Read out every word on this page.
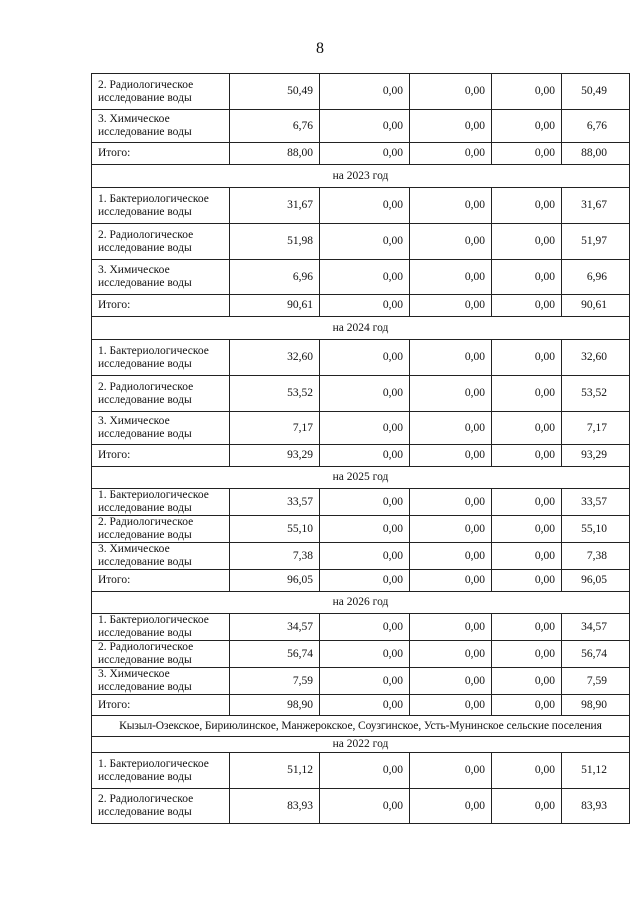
8
2. Радиологическое исследование воды	50,49	0,00	0,00	0,00	50,49
3. Химическое исследование воды	6,76	0,00	0,00	0,00	6,76
Итого:	88,00	0,00	0,00	0,00	88,00
на 2023 год					
1. Бактериологическое исследование воды	31,67	0,00	0,00	0,00	31,67
2. Радиологическое исследование воды	51,98	0,00	0,00	0,00	51,97
3. Химическое исследование воды	6,96	0,00	0,00	0,00	6,96
Итого:	90,61	0,00	0,00	0,00	90,61
на 2024 год					
1. Бактериологическое исследование воды	32,60	0,00	0,00	0,00	32,60
2. Радиологическое исследование воды	53,52	0,00	0,00	0,00	53,52
3. Химическое исследование воды	7,17	0,00	0,00	0,00	7,17
Итого:	93,29	0,00	0,00	0,00	93,29
на 2025 год					
1. Бактериологическое исследование воды	33,57	0,00	0,00	0,00	33,57
2. Радиологическое исследование воды	55,10	0,00	0,00	0,00	55,10
3. Химическое исследование воды	7,38	0,00	0,00	0,00	7,38
Итого:	96,05	0,00	0,00	0,00	96,05
на 2026 год					
1. Бактериологическое исследование воды	34,57	0,00	0,00	0,00	34,57
2. Радиологическое исследование воды	56,74	0,00	0,00	0,00	56,74
3. Химическое исследование воды	7,59	0,00	0,00	0,00	7,59
Итого:	98,90	0,00	0,00	0,00	98,90
Кызыл-Озекское, Бириюлинское, Манжерокское, Соузгинское, Усть-Мунинское сельские поселения					
на 2022 год					
1. Бактериологическое исследование воды	51,12	0,00	0,00	0,00	51,12
2. Радиологическое исследование воды	83,93	0,00	0,00	0,00	83,93
